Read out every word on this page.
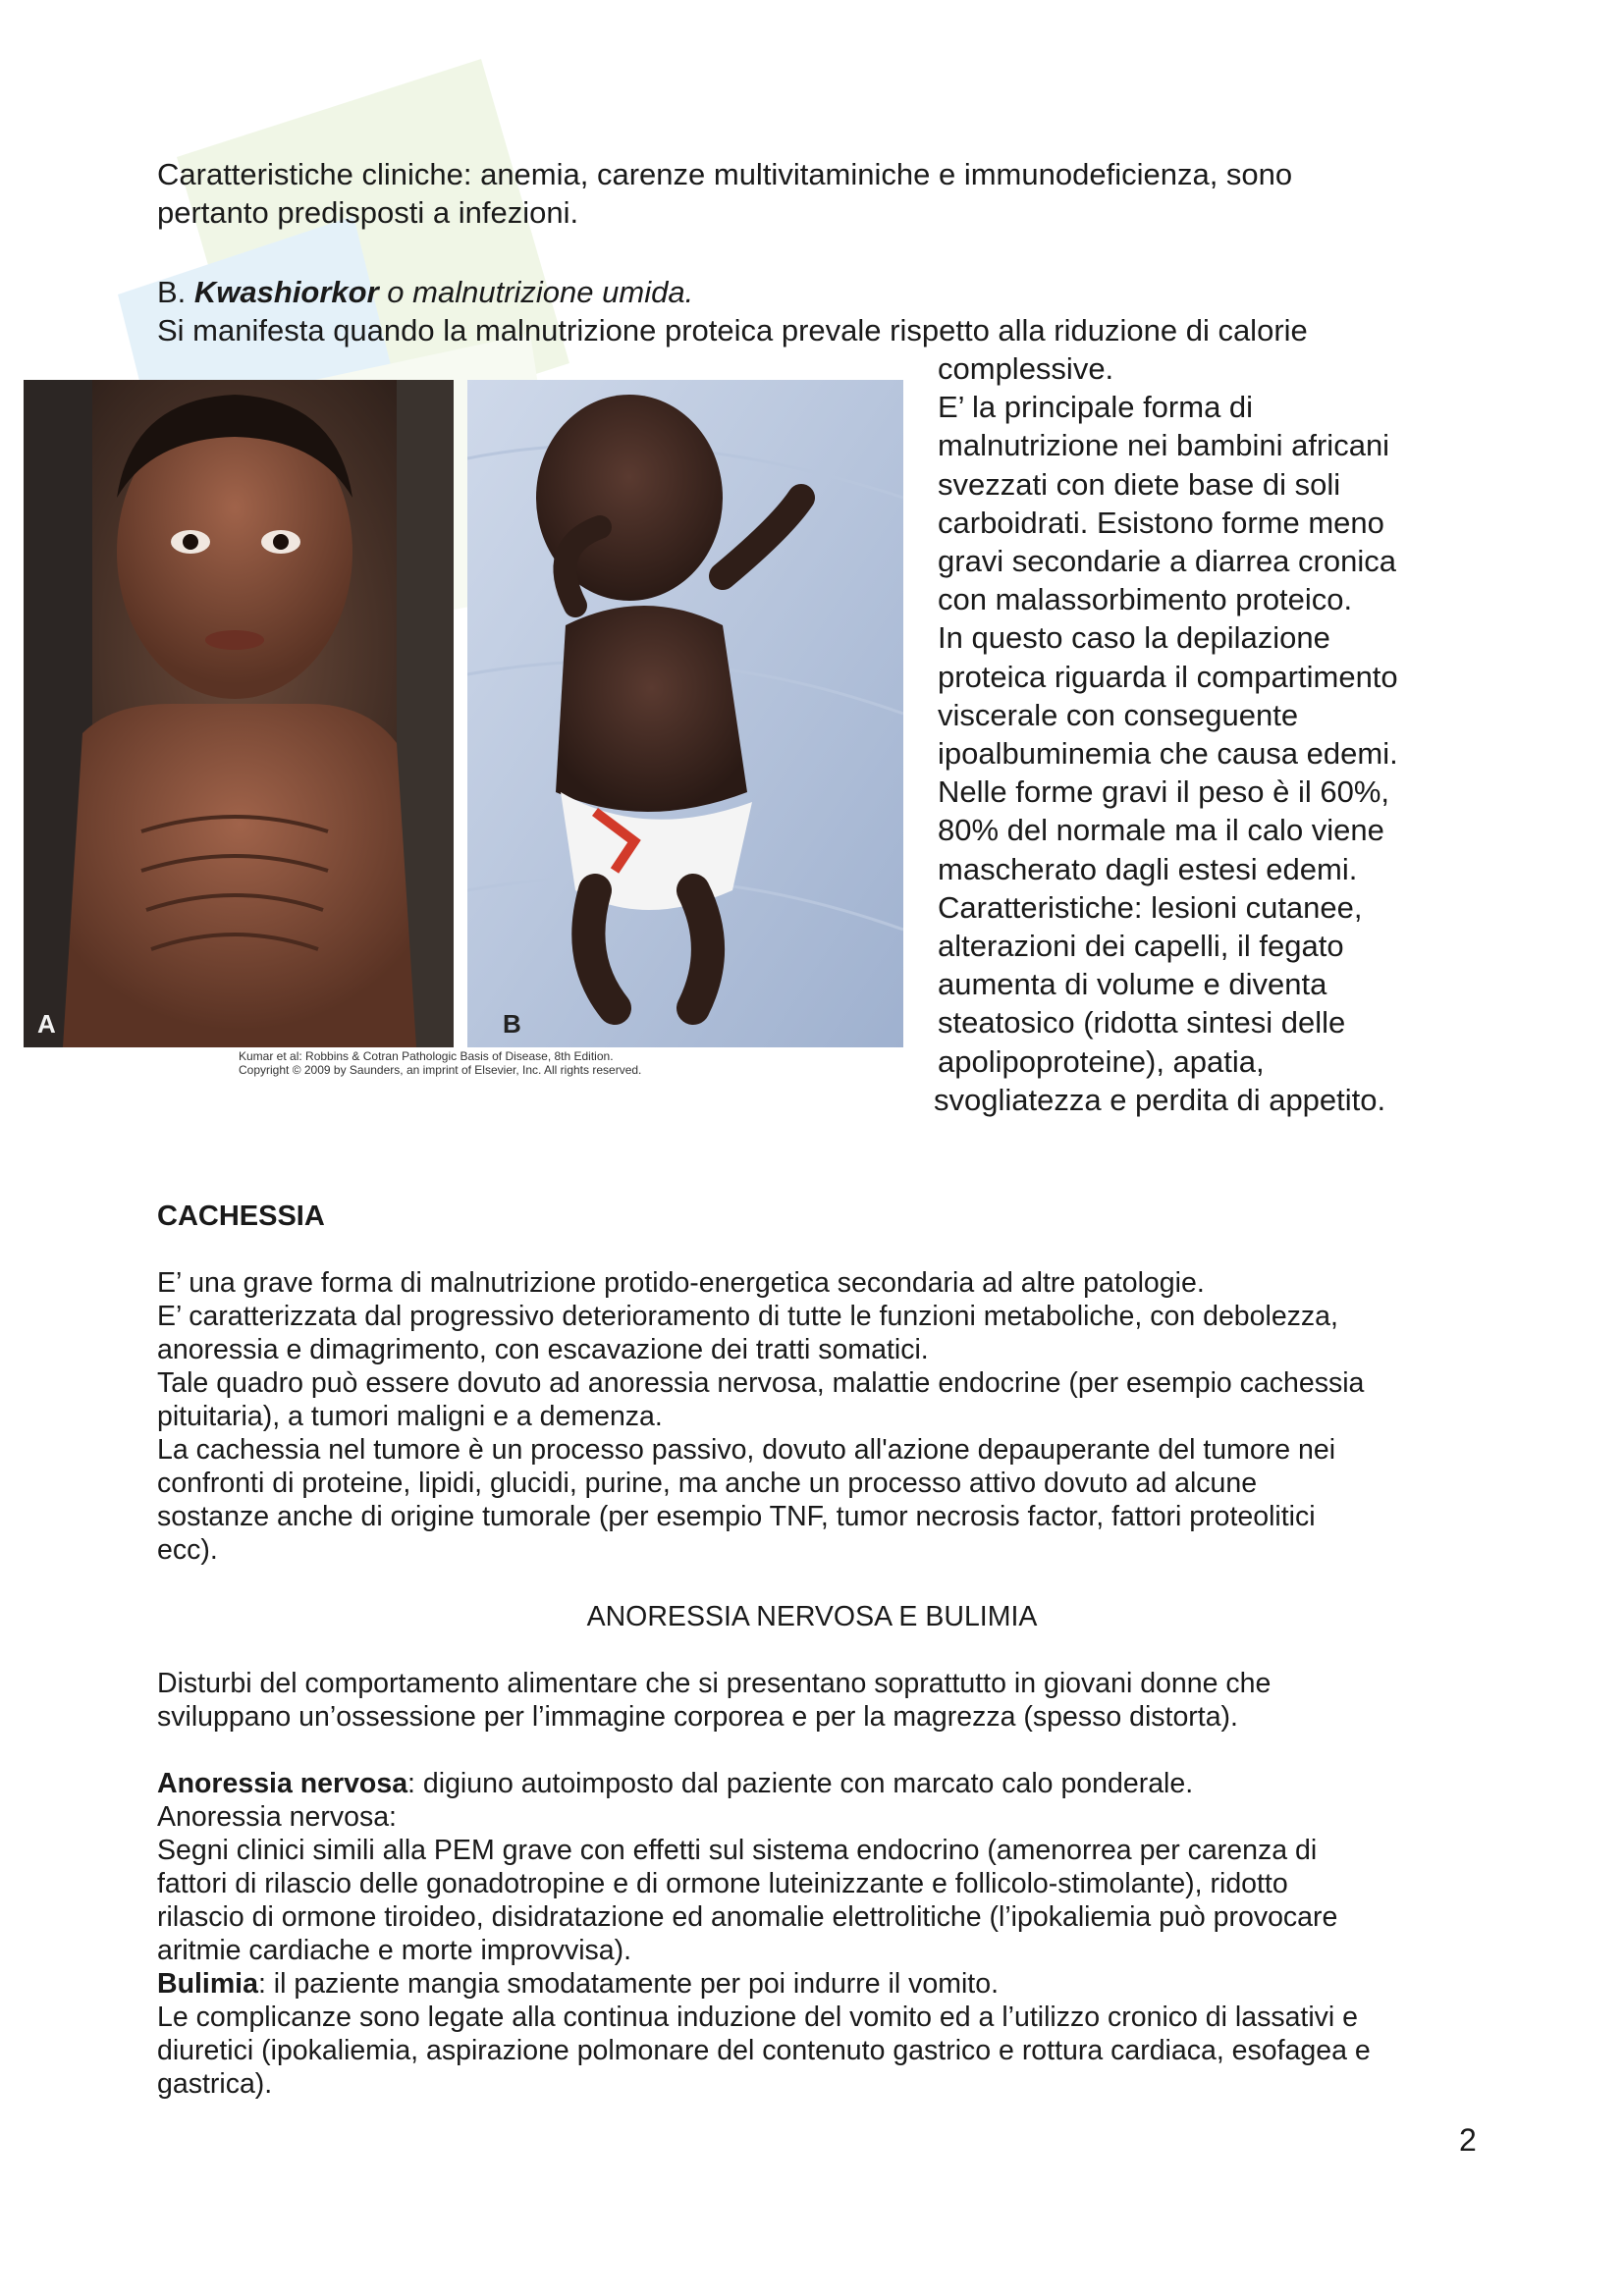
Caratteristiche cliniche: anemia, carenze multivitaminiche e immunodeficienza, sono

pertanto predisposti a infezioni.

B. Kwashiorkor o malnutrizione umida.
Si manifesta quando la malnutrizione proteica prevale rispetto alla riduzione di calorie
complessive.
E’ la principale forma di
malnutrizione nei bambini africani
svezzati con diete base di soli
carboidrati. Esistono forme meno
gravi secondarie a diarrea cronica
con malassorbimento proteico.
In questo caso la depilazione
proteica riguarda il compartimento
viscerale con conseguente
ipoalbuminemia che causa edemi.
Nelle forme gravi il peso è il 60%,
80% del normale ma il calo viene
mascherato dagli estesi edemi.
Caratteristiche: lesioni cutanee,
alterazioni dei capelli, il fegato
aumenta di volume e diventa
steatosico (ridotta sintesi delle
apolipoproteine), apatia,
svogliatezza e perdita di appetito.
A	B
Kumar et al: Robbins & Cotran Pathologic Basis of Disease, 8th Edition.
Copyright © 2009 by Saunders, an imprint of Elsevier, Inc. All rights reserved.
CACHESSIA
E’ una grave forma di malnutrizione protido-energetica secondaria ad altre patologie.
E’ caratterizzata dal progressivo deterioramento di tutte le funzioni metaboliche, con debolezza,
anoressia e dimagrimento, con escavazione dei tratti somatici.
Tale quadro può essere dovuto ad anoressia nervosa, malattie endocrine (per esempio cachessia
pituitaria), a tumori maligni e a demenza.
La cachessia nel tumore è un processo passivo, dovuto all'azione depauperante del tumore nei
confronti di proteine, lipidi, glucidi, purine, ma anche un processo attivo dovuto ad alcune
sostanze anche di origine tumorale (per esempio TNF, tumor necrosis factor, fattori proteolitici
ecc).
ANORESSIA NERVOSA E BULIMIA
Disturbi del comportamento alimentare che si presentano soprattutto in giovani donne che
sviluppano un’ossessione per l’immagine corporea e per la magrezza (spesso distorta).
Anoressia nervosa: digiuno autoimposto dal paziente con marcato calo ponderale.
Anoressia nervosa:
Segni clinici simili alla PEM grave con effetti sul sistema endocrino (amenorrea per carenza di
fattori di rilascio delle gonadotropine e di ormone luteinizzante e follicolo-stimolante), ridotto
rilascio di ormone tiroideo, disidratazione ed anomalie elettrolitiche (l’ipokaliemia può provocare
aritmie cardiache e morte improvvisa).
Bulimia: il paziente mangia smodatamente per poi indurre il vomito.
Le complicanze sono legate alla continua induzione del vomito ed a l’utilizzo cronico di lassativi e
diuretici (ipokaliemia, aspirazione polmonare del contenuto gastrico e rottura cardiaca, esofagea e
gastrica).
2
